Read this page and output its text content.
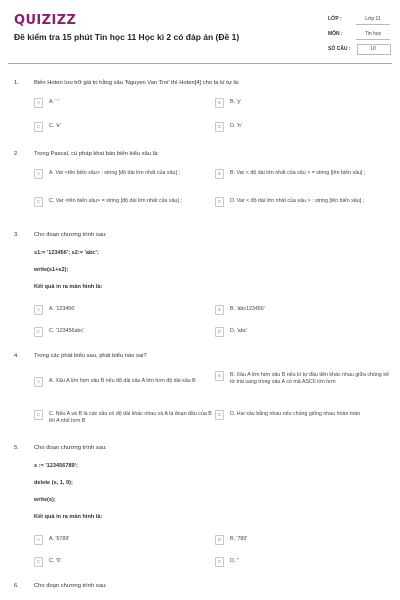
QUIZIZZ
Đề kiểm tra 15 phút Tin học 11 Học kì 2 có đáp án (Đề 1)
LỚP :	Lớp 11
MÔN :	Tin học
SỐ CÂU :	10
1.	Biến Hoten lưu trữ giá trị hằng xâu 'Nguyen Van Troi' thì Hoten[4] cho ta kí tự là:
A	A. ' '	B	B. 'y'
C	C. 'e'	D	D. 'n'
2.	Trong Pascal, cú pháp khai báo biến kiểu xâu là:
A	A. Var <tên biến xâu> : string [độ dài lớn nhất của xâu] ;	B	B. Var < độ dài lớn nhất của xâu > = string [tên biến xâu] ;
C	C. Var <tên biến xâu> = string [độ dài lớn nhất của xâu] ;	D	D. Var < độ dài lớn nhất của xâu > : string [tên biến xâu] ;
3.	Cho đoạn chương trình sau:
s1:= '123456'; s2:= 'abc';
write(s1+s2);
Kết quả in ra màn hình là:
A	A. '123456'	B	B. 'abc123456'
C	C. '123456abc'	D	D. 'abc'
4.	Trong các phát biểu sau, phát biểu nào sai?
A	A. Xâu A lớn hơn xâu B nếu độ dài xâu A lớn hơn độ dài xâu B
B	B. Xâu A lớn hơn xâu B nếu kí tự đầu tiên khác nhau giữa chúng kể từ trái sang trong xâu A có mã ASCII lớn hơn
C	C. Nếu A và B là các xâu có độ dài khác nhau và A là đoạn đầu của B thì A nhỏ hơn B
D	D. Hai xâu bằng nhau nếu chúng giống nhau hoàn toàn
5.	Cho đoạn chương trình sau:
s := '123456789';
delete (s, 1, 9);
write(s);
Kết quả in ra màn hình là:
A	A. '6789'	B	B. '789'
C	C. '9'	D	D. ''
6.	Cho đoạn chương trình sau:
